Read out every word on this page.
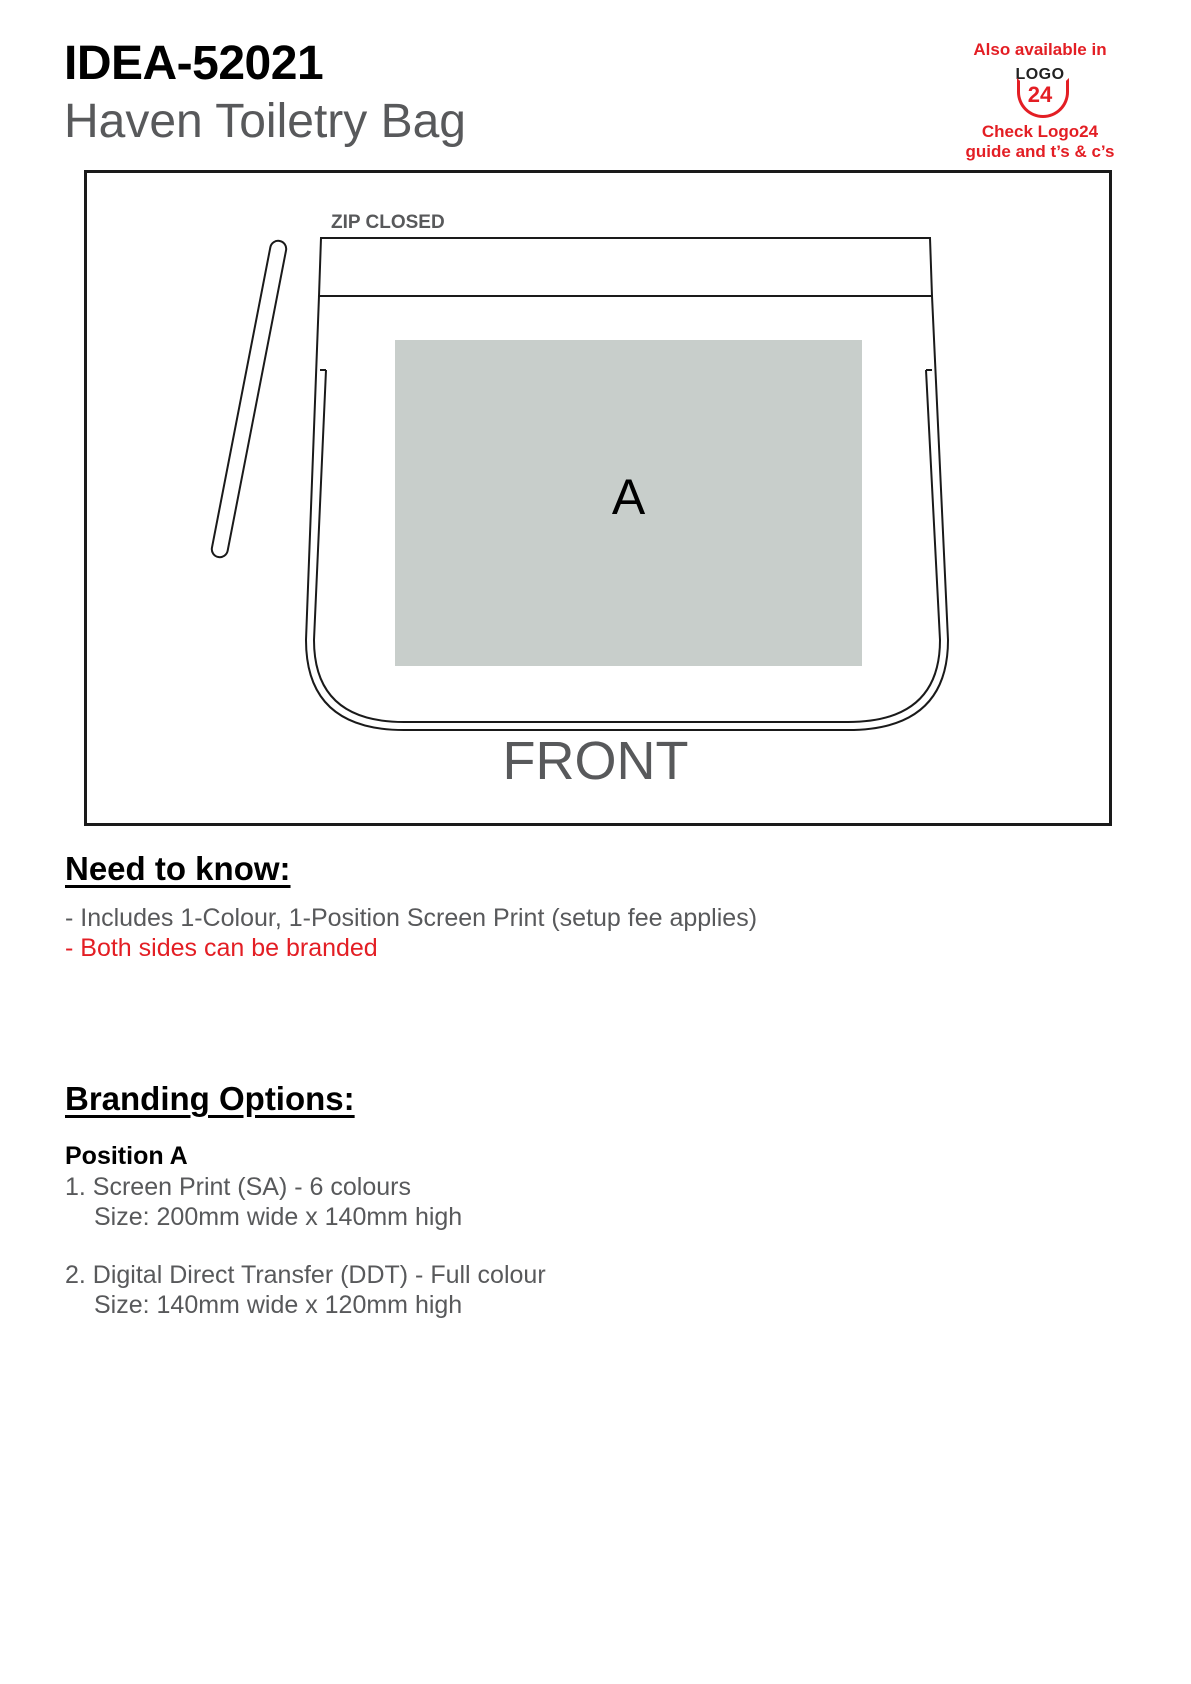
IDEA-52021
Haven Toiletry Bag
Also available in
LOGO
24
Check Logo24
guide and t’s & c’s
ZIP CLOSED
A
FRONT
Need to know:
- Includes 1-Colour, 1-Position Screen Print (setup fee applies)
- Both sides can be branded
Branding Options:
Position A
1. Screen Print (SA) - 6 colours
Size: 200mm wide x 140mm high
2. Digital Direct Transfer (DDT) - Full colour
Size: 140mm wide x 120mm high
